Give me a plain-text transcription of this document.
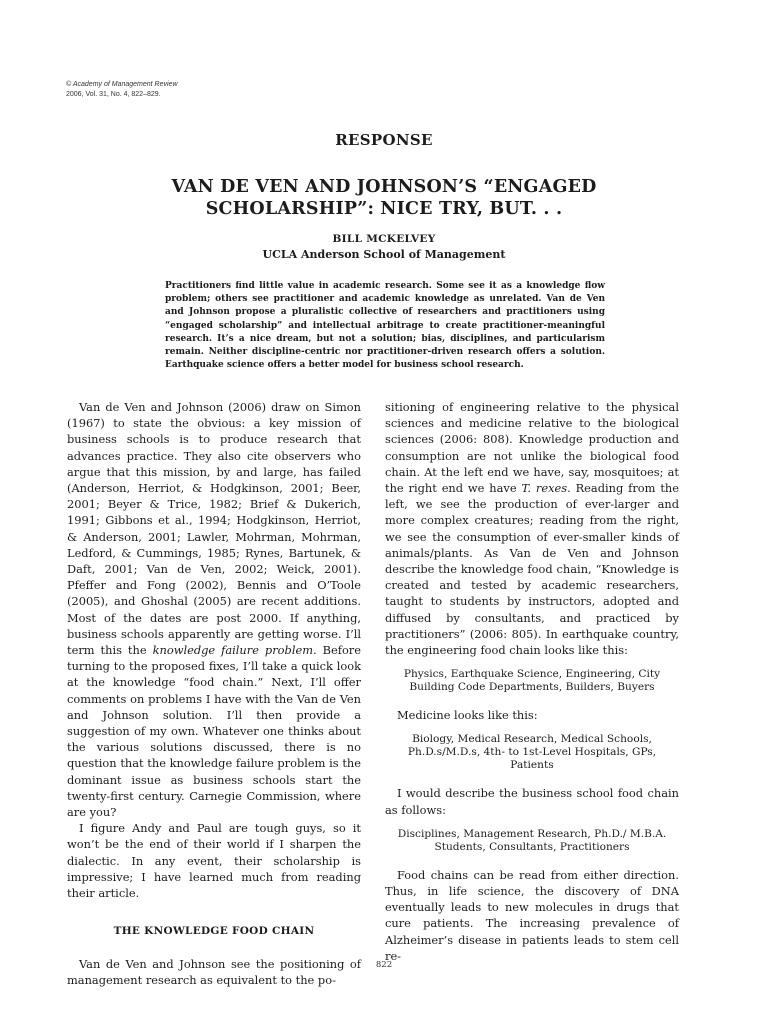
© Academy of Management Review
2006, Vol. 31, No. 4, 822–829.
RESPONSE
VAN DE VEN AND JOHNSON’S “ENGAGED SCHOLARSHIP”: NICE TRY, BUT. . .
BILL MCKELVEY
UCLA Anderson School of Management
Practitioners find little value in academic research. Some see it as a knowledge flow problem; others see practitioner and academic knowledge as unrelated. Van de Ven and Johnson propose a pluralistic collective of researchers and practitioners using “engaged scholarship” and intellectual arbitrage to create practitioner-meaningful research. It’s a nice dream, but not a solution; bias, disciplines, and particularism remain. Neither discipline-centric nor practitioner-driven research offers a solution. Earthquake science offers a better model for business school research.

Van de Ven and Johnson (2006) draw on Simon (1967) to state the obvious: a key mission of business schools is to produce research that advances practice. They also cite observers who argue that this mission, by and large, has failed (Anderson, Herriot, & Hodgkinson, 2001; Beer, 2001; Beyer & Trice, 1982; Brief & Dukerich, 1991; Gibbons et al., 1994; Hodgkinson, Herriot, & Anderson, 2001; Lawler, Mohrman, Mohrman, Ledford, & Cummings, 1985; Rynes, Bartunek, & Daft, 2001; Van de Ven, 2002; Weick, 2001). Pfeffer and Fong (2002), Bennis and O’Toole (2005), and Ghoshal (2005) are recent additions. Most of the dates are post 2000. If anything, business schools apparently are getting worse. I’ll term this the knowledge failure problem. Before turning to the proposed fixes, I’ll take a quick look at the knowledge “food chain.” Next, I’ll offer comments on problems I have with the Van de Ven and Johnson solution. I’ll then provide a suggestion of my own. Whatever one thinks about the various solutions discussed, there is no question that the knowledge failure problem is the dominant issue as business schools start the twenty-first century. Carnegie Commission, where are you?

I figure Andy and Paul are tough guys, so it won’t be the end of their world if I sharpen the dialectic. In any event, their scholarship is impressive; I have learned much from reading their article.

THE KNOWLEDGE FOOD CHAIN

Van de Ven and Johnson see the positioning of management research as equivalent to the po-

sitioning of engineering relative to the physical sciences and medicine relative to the biological sciences (2006: 808). Knowledge production and consumption are not unlike the biological food chain. At the left end we have, say, mosquitoes; at the right end we have T. rexes. Reading from the left, we see the production of ever-larger and more complex creatures; reading from the right, we see the consumption of ever-smaller kinds of animals/plants. As Van de Ven and Johnson describe the knowledge food chain, “Knowledge is created and tested by academic researchers, taught to students by instructors, adopted and diffused by consultants, and practiced by practitioners” (2006: 805). In earthquake country, the engineering food chain looks like this:

Physics, Earthquake Science, Engineering, City Building Code Departments, Builders, Buyers

Medicine looks like this:

Biology, Medical Research, Medical Schools, Ph.D.s/M.D.s, 4th- to 1st-Level Hospitals, GPs, Patients

I would describe the business school food chain as follows:

Disciplines, Management Research, Ph.D./ M.B.A. Students, Consultants, Practitioners

Food chains can be read from either direction. Thus, in life science, the discovery of DNA eventually leads to new molecules in drugs that cure patients. The increasing prevalence of Alzheimer’s disease in patients leads to stem cell re-

822
